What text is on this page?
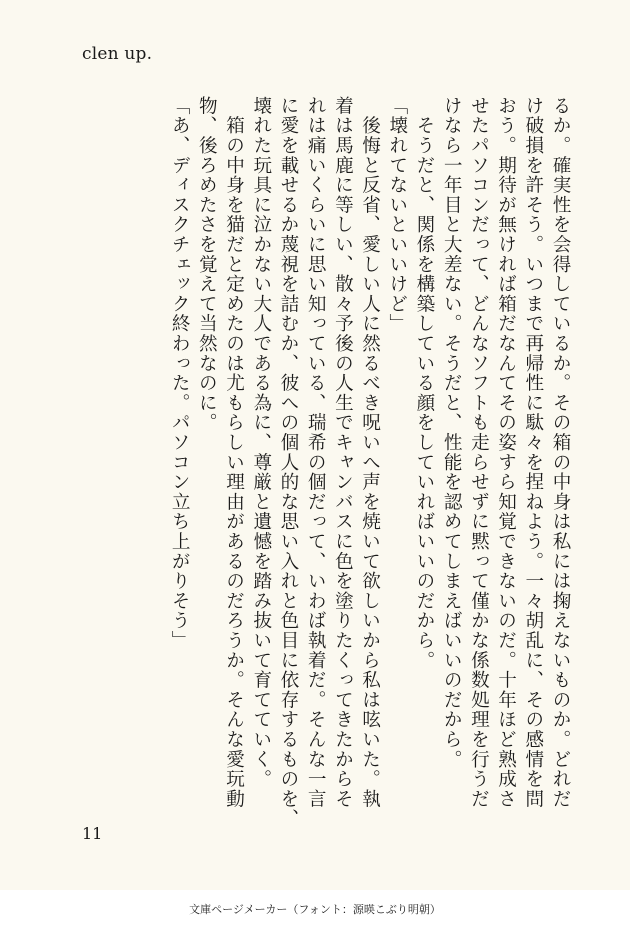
clen up.

るか。確実性を会得しているか。その箱の中身は私には掬えないものか。どれだ

け破損を許そう。いつまで再帰性に駄々を捏ねよう。一々胡乱に、その感情を問

おう。期待が無ければ箱だなんてその姿すら知覚できないのだ。十年ほど熟成さ

せたパソコンだって、どんなソフトも走らせずに黙って僅かな係数処理を行うだ

けなら一年目と大差ない。そうだと、性能を認めてしまえばいいのだから。

　そうだと、関係を構築している顔をしていればいいのだから。

「壊れてないといいけど」

　後悔と反省、愛しい人に然るべき呪いへ声を焼いて欲しいから私は呟いた。執

着は馬鹿に等しい、散々予後の人生でキャンバスに色を塗りたくってきたからそ

れは痛いくらいに思い知っている、瑞希の個だって、いわば執着だ。そんな一言

に愛を載せるか蔑視を詰むか、彼への個人的な思い入れと色目に依存するものを、

壊れた玩具に泣かない大人である為に、尊厳と遺憾を踏み抜いて育てていく。

　箱の中身を猫だと定めたのは尤もらしい理由があるのだろうか。そんな愛玩動

物、後ろめたさを覚えて当然なのに。

「あ、ディスクチェック終わった。パソコン立ち上がりそう」

11
文庫ページメーカー（フォント：源暎こぶり明朝）
